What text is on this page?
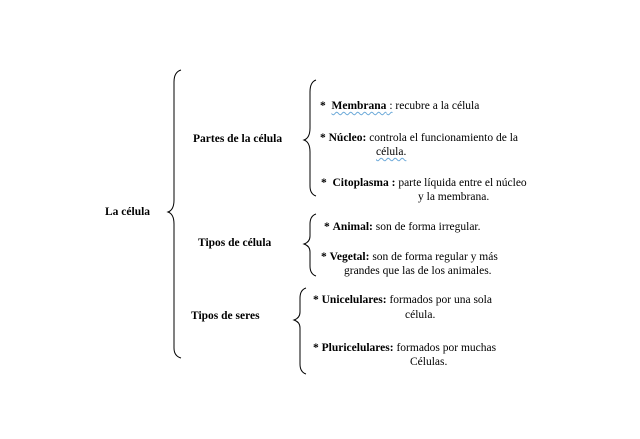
La célula
Partes de la célula
* Membrana : recubre a la célula
* Núcleo: controla el funcionamiento de la
célula.
* Citoplasma : parte líquida entre el núcleo
y la membrana.
Tipos de célula
* Animal: son de forma irregular.
* Vegetal: son de forma regular y más
grandes que las de los animales.
Tipos de seres
* Unicelulares: formados por una sola
célula.
* Pluricelulares: formados por muchas
Células.
